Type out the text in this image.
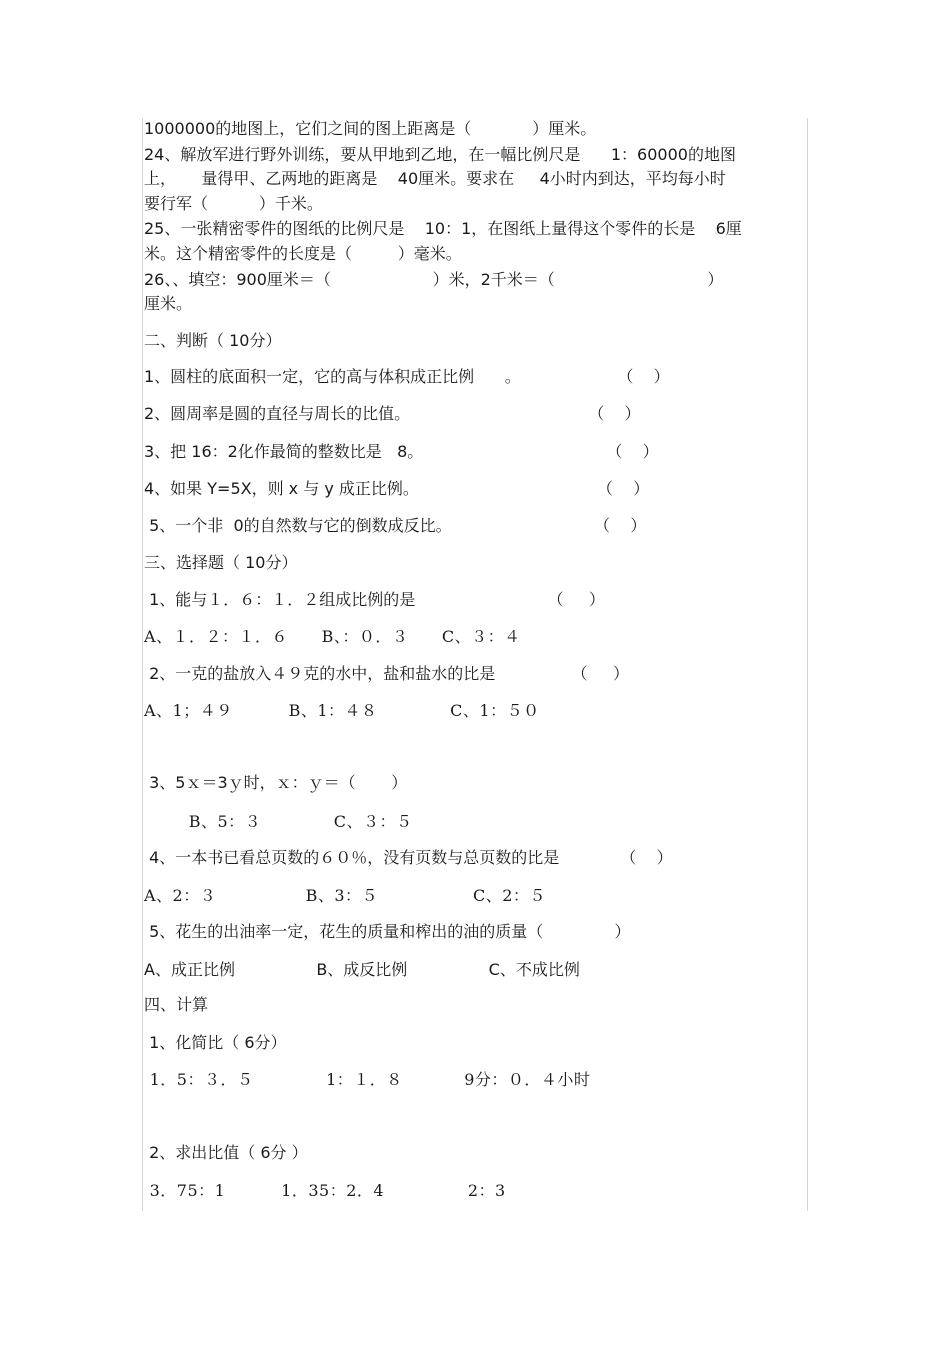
1000000的地图上，它们之间的图上距离是（            ）厘米。
24、解放军进行野外训练，要从甲地到乙地，在一幅比例尺是      1：60000的地图
上，     量得甲、乙两地的距离是    40厘米。要求在     4小时内到达，平均每小时
要行军（          ）千米。
25、一张精密零件的图纸的比例尺是    10：1，在图纸上量得这个零件的长是    6厘
米。这个精密零件的长度是（         ）毫米。
26、、填空：900厘米＝（                    ）米，2千米＝（                              ）
厘米。
二、判断（ 10分）
1、圆柱的底面积一定，它的高与体积成正比例      。                   （    ）
2、圆周率是圆的直径与周长的比值。                                   （    ）
3、把 16：2化作最简的整数比是   8。                                    （    ）
4、如果 Y=5X，则 x 与 y 成正比例。                                   （    ）
5、一个非  0的自然数与它的倒数成反比。                            （    ）
三、选择题（ 10分）
1、能与１．６：１．２组成比例的是                          （     ）
A、１．２：１．６      B、：０．３      C、３：４
2、一克的盐放入４９克的水中，盐和盐水的比是               （     ）
A、1；４９          B、1：４８             C、1：５０
3、5ｘ＝3ｙ时，ｘ：ｙ＝（       ）
B、5：３             C、３：５
4、一本书已看总页数的６０％，没有页数与总页数的比是            （    ）
A、2：３                B、3：５                 C、2：５
5、花生的出油率一定，花生的质量和榨出的油的质量（              ）
A、成正比例                B、成反比例                C、不成比例
四、计算
1、化简比（ 6分）
1．5：３．５             1：１．８           9分：０．４小时
2、求出比值（ 6分 ）
3．75：1          1．35：2．4               2：3
